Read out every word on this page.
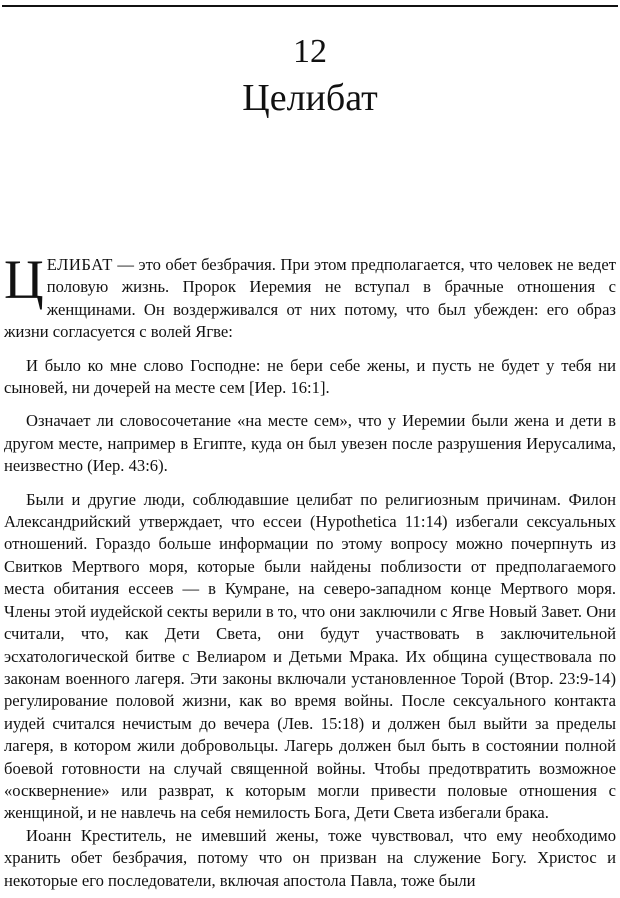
12
Целибат

ЦЕЛИБАТ — это обет безбрачия. При этом предполагается, что человек не ведет половую жизнь. Пророк Иеремия не вступал в брачные отношения с женщинами. Он воздерживался от них потому, что был убежден: его образ жизни согласуется с волей Ягве:

И было ко мне слово Господне: не бери себе жены, и пусть не будет у тебя ни сыновей, ни дочерей на месте сем [Иер. 16:1].

Означает ли словосочетание «на месте сем», что у Иеремии были жена и дети в другом месте, например в Египте, куда он был увезен после разрушения Иерусалима, неизвестно (Иер. 43:6).

Были и другие люди, соблюдавшие целибат по религиозным причинам. Филон Александрийский утверждает, что ессеи (Hypothetica 11:14) избегали сексуальных отношений. Гораздо больше информации по этому вопросу можно почерпнуть из Свитков Мертвого моря, которые были найдены поблизости от предполагаемого места обитания ессеев — в Кумране, на северо-западном конце Мертвого моря. Члены этой иудейской секты верили в то, что они заключили с Ягве Новый Завет. Они считали, что, как Дети Света, они будут участвовать в заключительной эсхатологической битве с Велиаром и Детьми Мрака. Их община существовала по законам военного лагеря. Эти законы включали установленное Торой (Втор. 23:9-14) регулирование половой жизни, как во время войны. После сексуального контакта иудей считался нечистым до вечера (Лев. 15:18) и должен был выйти за пределы лагеря, в котором жили добровольцы. Лагерь должен был быть в состоянии полной боевой готовности на случай священной войны. Чтобы предотвратить возможное «осквернение» или разврат, к которым могли привести половые отношения с женщиной, и не навлечь на себя немилость Бога, Дети Света избегали брака.

Иоанн Креститель, не имевший жены, тоже чувствовал, что ему необходимо хранить обет безбрачия, потому что он призван на служение Богу. Христос и некоторые его последователи, включая апостола Павла, тоже были
